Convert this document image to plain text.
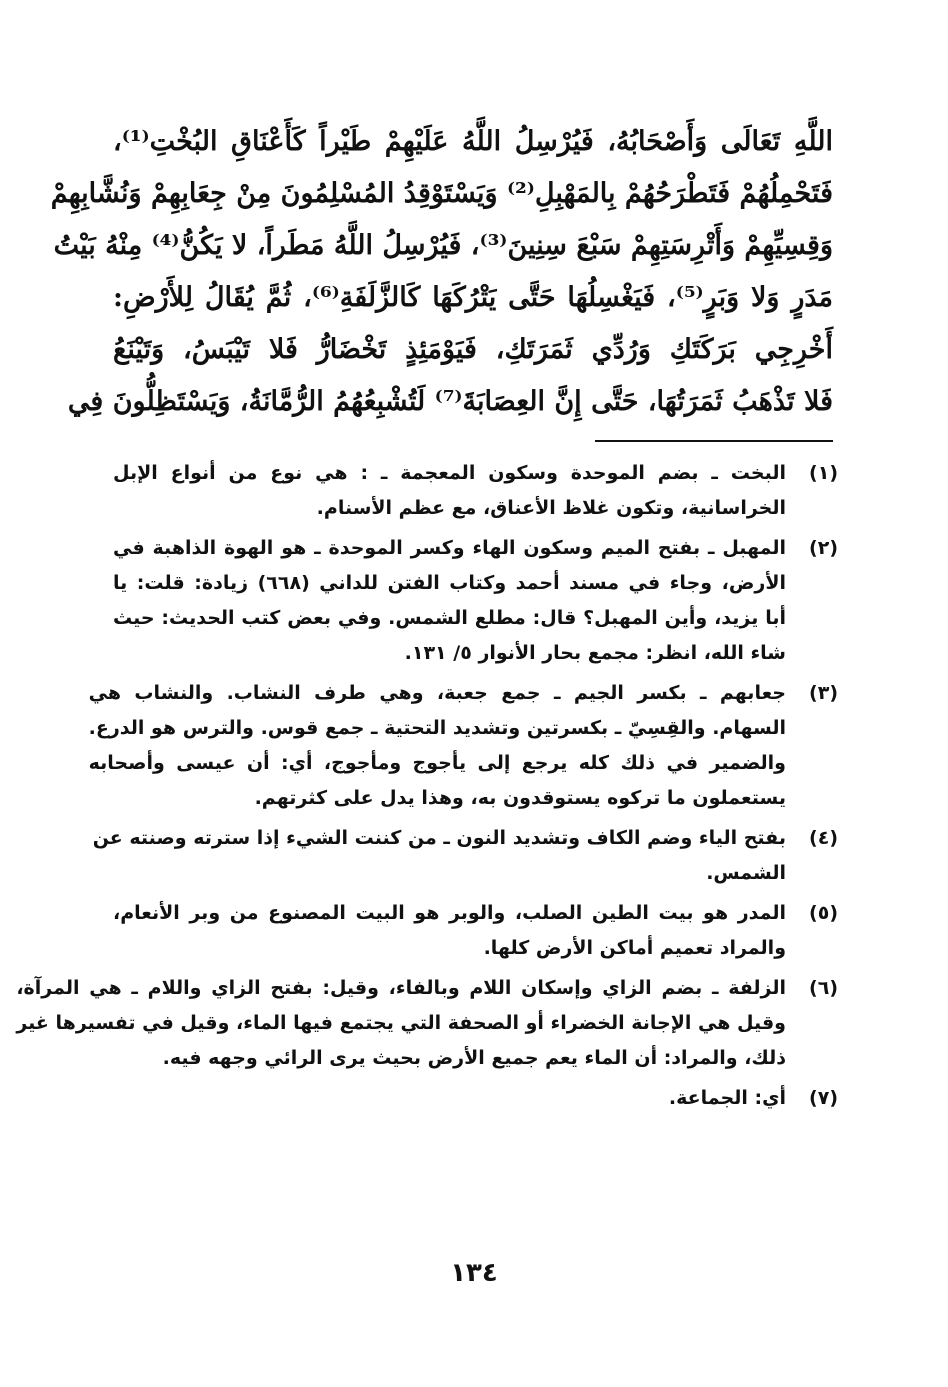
اللَّهِ تَعَالَى وَأَصْحَابُهُ، فَيُرْسِلُ اللَّهُ عَلَيْهِمْ طَيْراً كَأَعْنَاقِ البُخْتِ⁽¹⁾،
فَتَحْمِلُهُمْ فَتَطْرَحُهُمْ بِالمَهْبِلِ⁽²⁾ وَيَسْتَوْقِدُ المُسْلِمُونَ مِنْ جِعَابِهِمْ وَنُشَّابِهِمْ
وَقِسِيِّهِمْ وَأَتْرِسَتِهِمْ سَبْعَ سِنِينَ⁽³⁾، فَيُرْسِلُ اللَّهُ مَطَراً، لا يَكُنُّ⁽⁴⁾ مِنْهُ بَيْتُ
مَدَرٍ وَلا وَبَرٍ⁽⁵⁾، فَيَغْسِلُهَا حَتَّى يَتْرُكَهَا كَالزَّلَفَةِ⁽⁶⁾، ثُمَّ يُقَالُ لِلأَرْضِ:
أَخْرِجِي بَرَكَتَكِ وَرُدِّي ثَمَرَتَكِ، فَيَوْمَئِذٍ تَخْضَارُّ فَلا تَيْبَسُ، وَتَيْنَعُ
فَلا تَذْهَبُ ثَمَرَتُهَا، حَتَّى إِنَّ العِصَابَةَ⁽⁷⁾ لَتُشْبِعُهُمُ الرُّمَّانَةُ، وَيَسْتَظِلُّونَ فِي
(١)
البخت ـ بضم الموحدة وسكون المعجمة ـ : هي نوع من أنواع الإبل
الخراسانية، وتكون غلاظ الأعناق، مع عظم الأسنام.
(٢)
المهبل ـ بفتح الميم وسكون الهاء وكسر الموحدة ـ هو الهوة الذاهبة في
الأرض، وجاء في مسند أحمد وكتاب الفتن للداني (٦٦٨) زيادة: قلت: يا
أبا يزيد، وأين المهبل؟ قال: مطلع الشمس. وفي بعض كتب الحديث: حيث
شاء الله، انظر: مجمع بحار الأنوار ٥/ ١٣١.
(٣)
جعابهم ـ بكسر الجيم ـ جمع جعبة، وهي طرف النشاب. والنشاب هي
السهام. والقِسِيّ ـ بكسرتين وتشديد التحتية ـ جمع قوس. والترس هو الدرع.
والضمير في ذلك كله يرجع إلى يأجوج ومأجوج، أي: أن عيسى وأصحابه
يستعملون ما تركوه يستوقدون به، وهذا يدل على كثرتهم.
(٤)
بفتح الياء وضم الكاف وتشديد النون ـ من كننت الشيء إذا سترته وصنته عن
الشمس.
(٥)
المدر هو بيت الطين الصلب، والوبر هو البيت المصنوع من وبر الأنعام،
والمراد تعميم أماكن الأرض كلها.
(٦)
الزلفة ـ بضم الزاي وإسكان اللام وبالفاء، وقيل: بفتح الزاي واللام ـ هي المرآة،
وقيل هي الإجانة الخضراء أو الصحفة التي يجتمع فيها الماء، وقيل في تفسيرها غير
ذلك، والمراد: أن الماء يعم جميع الأرض بحيث يرى الرائي وجهه فيه.
(٧)
أي: الجماعة.
١٣٤
